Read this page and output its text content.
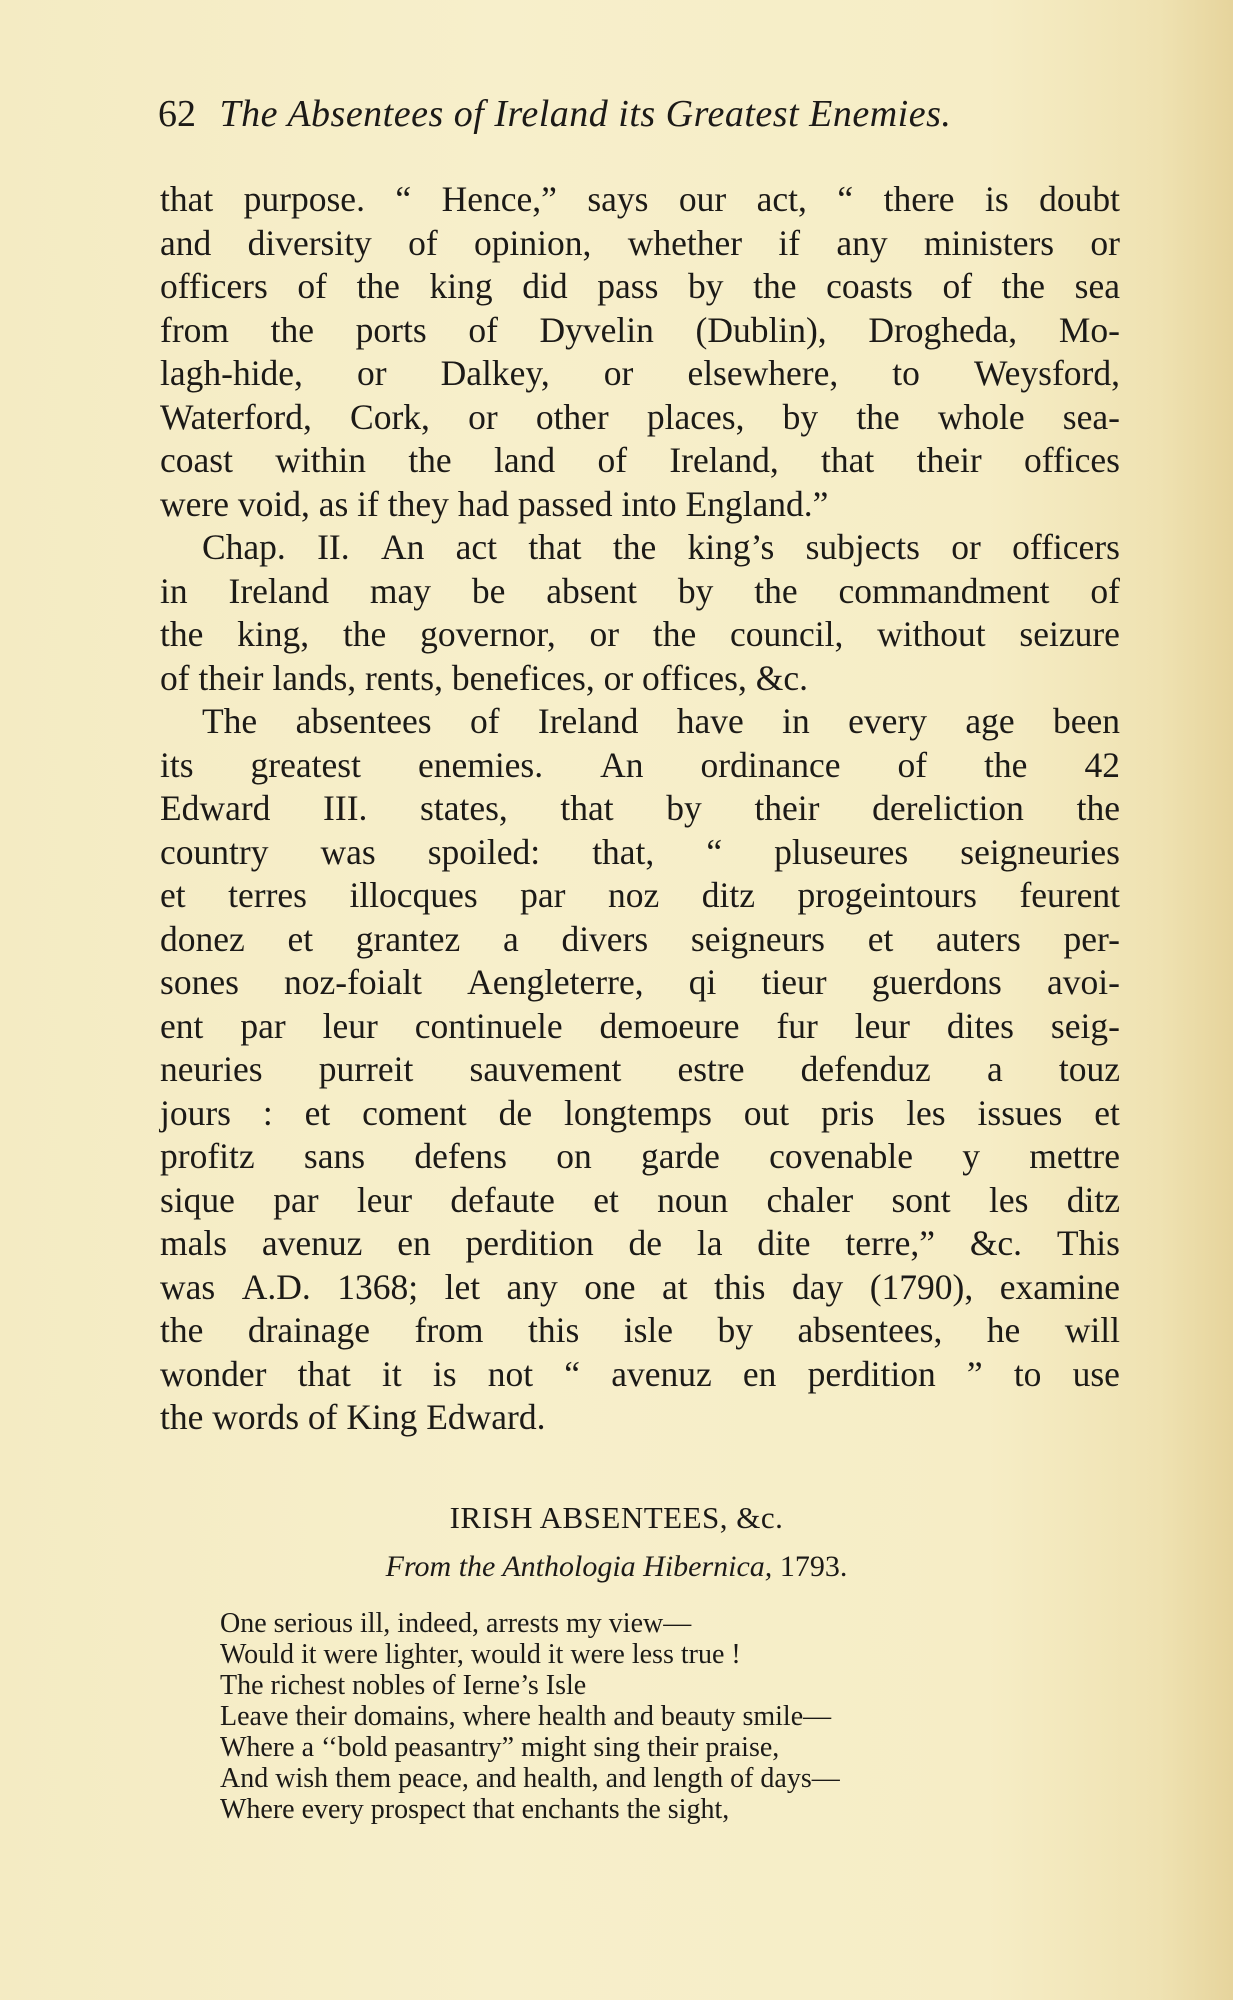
62 The Absentees of Ireland its Greatest Enemies.
that purpose. “ Hence,” says our act, “ there is doubt
and diversity of opinion, whether if any ministers or
officers of the king did pass by the coasts of the sea
from the ports of Dyvelin (Dublin), Drogheda, Mo-
lagh-hide, or Dalkey, or elsewhere, to Weysford,
Waterford, Cork, or other places, by the whole sea-
coast within the land of Ireland, that their offices
were void, as if they had passed into England.”
Chap. II. An act that the king’s subjects or officers
in Ireland may be absent by the commandment of
the king, the governor, or the council, without seizure
of their lands, rents, benefices, or offices, &c.
The absentees of Ireland have in every age been
its greatest enemies. An ordinance of the 42
Edward III. states, that by their dereliction the
country was spoiled: that, “ pluseures seigneuries
et terres illocques par noz ditz progeintours feurent
donez et grantez a divers seigneurs et auters per-
sones noz-foialt Aengleterre, qi tieur guerdons avoi-
ent par leur continuele demoeure fur leur dites seig-
neuries purreit sauvement estre defenduz a touz
jours : et coment de longtemps out pris les issues et
profitz sans defens on garde covenable y mettre
sique par leur defaute et noun chaler sont les ditz
mals avenuz en perdition de la dite terre,” &c. This
was A.D. 1368; let any one at this day (1790), examine
the drainage from this isle by absentees, he will
wonder that it is not “ avenuz en perdition ” to use
the words of King Edward.
IRISH ABSENTEES, &c.
From the Anthologia Hibernica, 1793.
One serious ill, indeed, arrests my view—
Would it were lighter, would it were less true !
The richest nobles of Ierne’s Isle
Leave their domains, where health and beauty smile—
Where a ‘‘bold peasantry” might sing their praise,
And wish them peace, and health, and length of days—
Where every prospect that enchants the sight,
